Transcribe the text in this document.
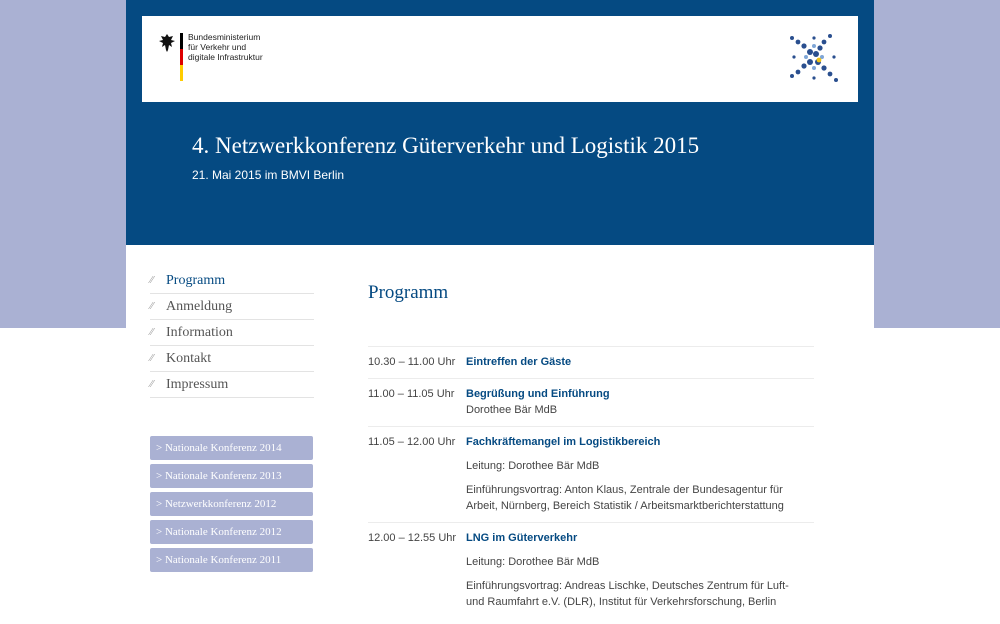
Bundesministerium
für Verkehr und
digitale Infrastruktur
4. Netzwerkkonferenz Güterverkehr und Logistik 2015
21. Mai 2015 im BMVI Berlin
⁄⁄ Programm
⁄⁄ Anmeldung
⁄⁄ Information
⁄⁄ Kontakt
⁄⁄ Impressum
> Nationale Konferenz 2014
> Nationale Konferenz 2013
> Netzwerkkonferenz 2012
> Nationale Konferenz 2012
> Nationale Konferenz 2011
Programm
10.30 – 11.00 Uhr Eintreffen der Gäste
11.00 – 11.05 Uhr	Begrüßung und Einführung
Dorothee Bär MdB
11.05 – 12.00 Uhr Fachkräftemangel im Logistikbereich
Leitung: Dorothee Bär MdB
Einführungsvortrag: Anton Klaus, Zentrale der Bundesagentur für
Arbeit, Nürnberg, Bereich Statistik / Arbeitsmarktberichterstattung
12.00 – 12.55 Uhr LNG im Güterverkehr
Leitung: Dorothee Bär MdB
Einführungsvortrag: Andreas Lischke, Deutsches Zentrum für Luft-
und Raumfahrt e.V. (DLR), Institut für Verkehrsforschung, Berlin
